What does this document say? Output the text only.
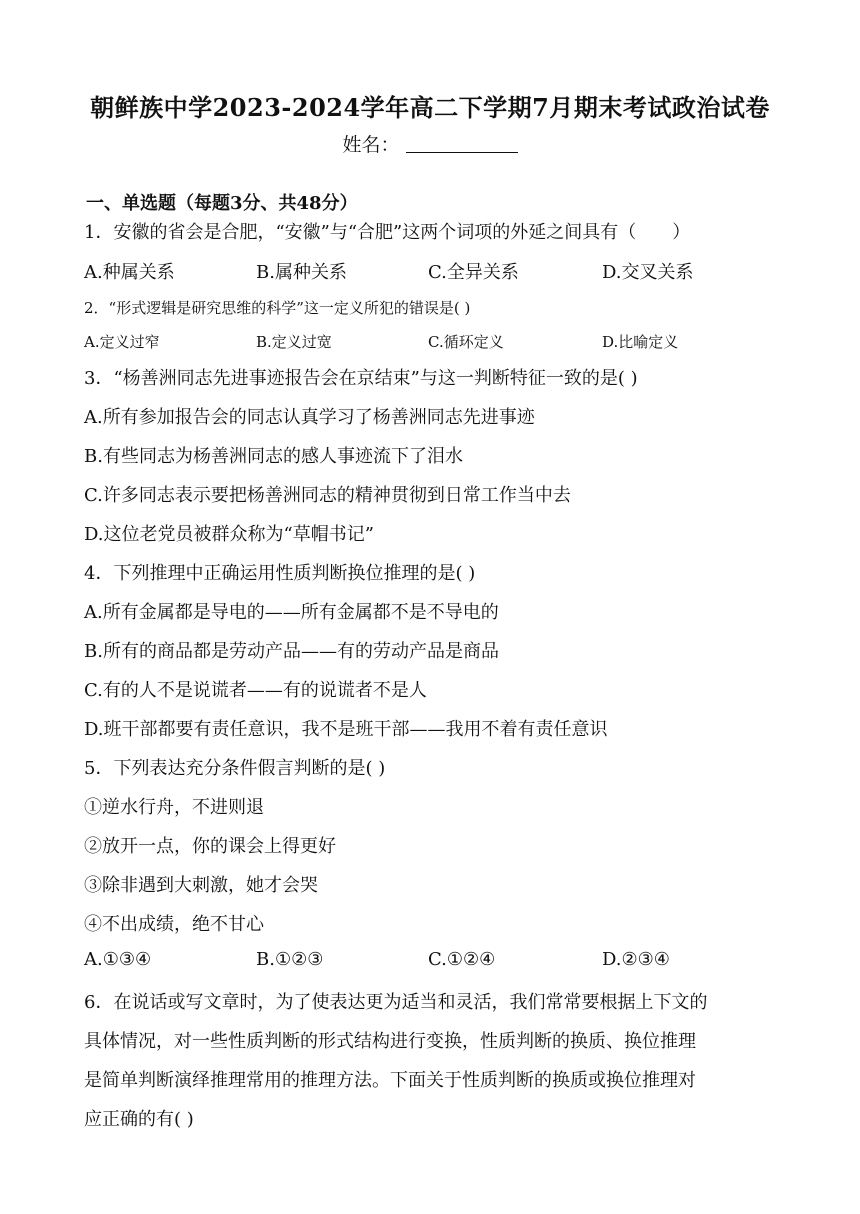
朝鲜族中学2023-2024学年高二下学期7月期末考试政治试卷
姓名：
一、单选题（每题3分、共48分）
1．安徽的省会是合肥，“安徽”与“合肥”这两个词项的外延之间具有（　　）
A.种属关系	B.属种关系	C.全异关系	D.交叉关系
2．“形式逻辑是研究思维的科学”这一定义所犯的错误是( )
A.定义过窄	B.定义过宽	C.循环定义	D.比喻定义
3．“杨善洲同志先进事迹报告会在京结束”与这一判断特征一致的是( )
A.所有参加报告会的同志认真学习了杨善洲同志先进事迹
B.有些同志为杨善洲同志的感人事迹流下了泪水
C.许多同志表示要把杨善洲同志的精神贯彻到日常工作当中去
D.这位老党员被群众称为“草帽书记”
4．下列推理中正确运用性质判断换位推理的是( )
A.所有金属都是导电的——所有金属都不是不导电的
B.所有的商品都是劳动产品——有的劳动产品是商品
C.有的人不是说谎者——有的说谎者不是人
D.班干部都要有责任意识，我不是班干部——我用不着有责任意识
5．下列表达充分条件假言判断的是( )
①逆水行舟，不进则退
②放开一点，你的课会上得更好
③除非遇到大刺激，她才会哭
④不出成绩，绝不甘心
A.①③④	B.①②③	C.①②④	D.②③④
6．在说话或写文章时，为了使表达更为适当和灵活，我们常常要根据上下文的
具体情况，对一些性质判断的形式结构进行变换，性质判断的换质、换位推理
是简单判断演绎推理常用的推理方法。下面关于性质判断的换质或换位推理对
应正确的有( )
